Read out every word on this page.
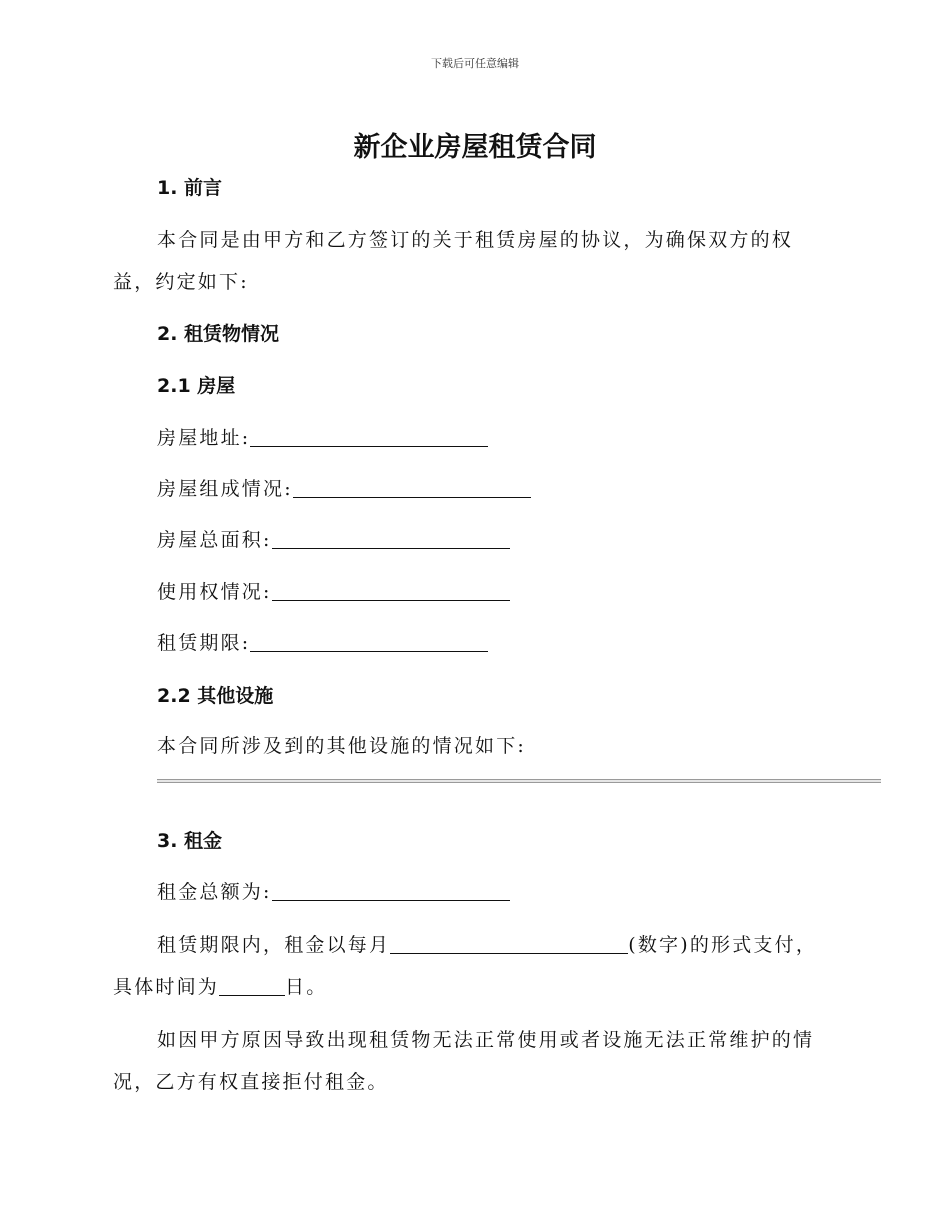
下载后可任意编辑
新企业房屋租赁合同
1. 前言
本合同是由甲方和乙方签订的关于租赁房屋的协议，为确保双方的权
益，约定如下:
2. 租赁物情况
2.1 房屋
房屋地址:
房屋组成情况:
房屋总面积:
使用权情况:
租赁期限:
2.2 其他设施
本合同所涉及到的其他设施的情况如下:
3. 租金
租金总额为:
租赁期限内，租金以每月	(数字)的形式支付，
具体时间为	日。
如因甲方原因导致出现租赁物无法正常使用或者设施无法正常维护的情
况，乙方有权直接拒付租金。
